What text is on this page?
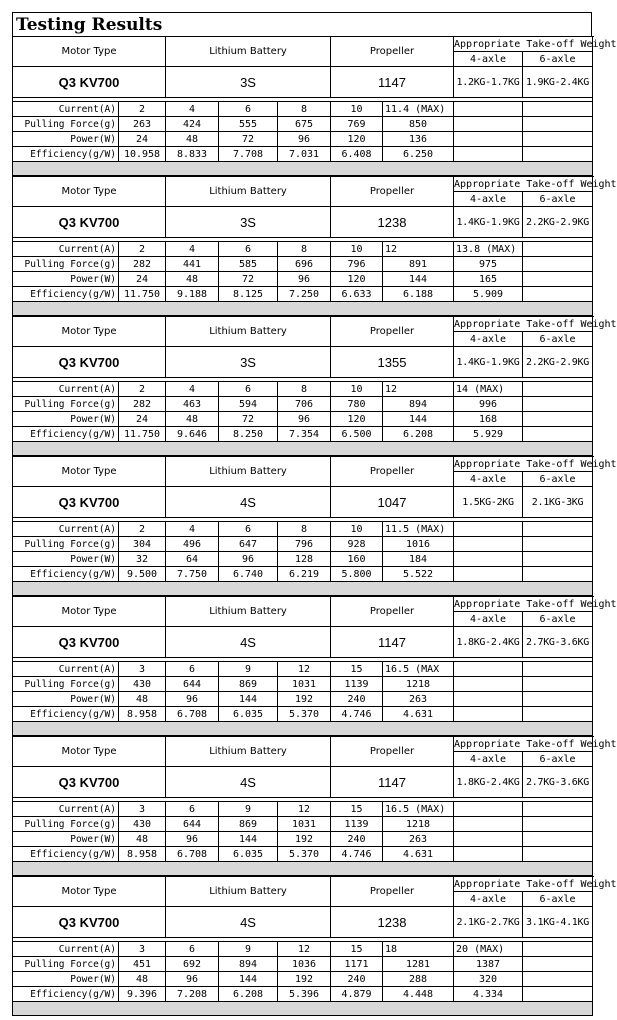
Testing Results
Motor Type		Lithium Battery			Propeller		Appropriate Take-off Weight		
							4-axle	6-axle	
Q3 KV700		3S			1147		1.2KG-1.7KG	1.9KG-2.4KG	

Current(A)	2	4	6	8	10	11.4 (MAX)			
Pulling Force(g)	263	424	555	675	769	850			
Power(W)	24	48	72	96	120	136			
Efficiency(g/W)	10.958	8.833	7.708	7.031	6.408	6.250			

Motor Type		Lithium Battery			Propeller		Appropriate Take-off Weight		
							4-axle	6-axle	
Q3 KV700		3S			1238		1.4KG-1.9KG	2.2KG-2.9KG	

Current(A)	2	4	6	8	10	12	13.8 (MAX)		
Pulling Force(g)	282	441	585	696	796	891	975		
Power(W)	24	48	72	96	120	144	165		
Efficiency(g/W)	11.750	9.188	8.125	7.250	6.633	6.188	5.909		

Motor Type		Lithium Battery			Propeller		Appropriate Take-off Weight		
							4-axle	6-axle	
Q3 KV700		3S			1355		1.4KG-1.9KG	2.2KG-2.9KG	

Current(A)	2	4	6	8	10	12	14 (MAX)		
Pulling Force(g)	282	463	594	706	780	894	996		
Power(W)	24	48	72	96	120	144	168		
Efficiency(g/W)	11.750	9.646	8.250	7.354	6.500	6.208	5.929		

Motor Type		Lithium Battery			Propeller		Appropriate Take-off Weight		
							4-axle	6-axle	
Q3 KV700		4S			1047		1.5KG-2KG	2.1KG-3KG	

Current(A)	2	4	6	8	10	11.5 (MAX)			
Pulling Force(g)	304	496	647	796	928	1016			
Power(W)	32	64	96	128	160	184			
Efficiency(g/W)	9.500	7.750	6.740	6.219	5.800	5.522			

Motor Type		Lithium Battery			Propeller		Appropriate Take-off Weight		
							4-axle	6-axle	
Q3 KV700		4S			1147		1.8KG-2.4KG	2.7KG-3.6KG	

Current(A)	3	6	9	12	15	16.5 (MAX			
Pulling Force(g)	430	644	869	1031	1139	1218			
Power(W)	48	96	144	192	240	263			
Efficiency(g/W)	8.958	6.708	6.035	5.370	4.746	4.631			

Motor Type		Lithium Battery			Propeller		Appropriate Take-off Weight		
							4-axle	6-axle	
Q3 KV700		4S			1147		1.8KG-2.4KG	2.7KG-3.6KG	

Current(A)	3	6	9	12	15	16.5 (MAX)			
Pulling Force(g)	430	644	869	1031	1139	1218			
Power(W)	48	96	144	192	240	263			
Efficiency(g/W)	8.958	6.708	6.035	5.370	4.746	4.631			

Motor Type		Lithium Battery			Propeller		Appropriate Take-off Weight		
							4-axle	6-axle	
Q3 KV700		4S			1238		2.1KG-2.7KG	3.1KG-4.1KG	

Current(A)	3	6	9	12	15	18	20 (MAX)		
Pulling Force(g)	451	692	894	1036	1171	1281	1387		
Power(W)	48	96	144	192	240	288	320		
Efficiency(g/W)	9.396	7.208	6.208	5.396	4.879	4.448	4.334		
